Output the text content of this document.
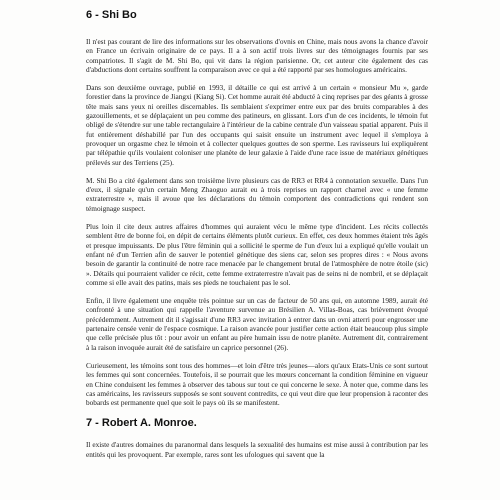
6 - Shi Bo

Il n'est pas courant de lire des informations sur les observations d'ovnis en Chine, mais nous avons la chance d'avoir en France un écrivain originaire de ce pays. Il a à son actif trois livres sur des témoignages fournis par ses compatriotes. Il s'agit de M. Shi Bo, qui vit dans la région parisienne. Or, cet auteur cite également des cas d'abductions dont certains souffrent la comparaison avec ce qui a été rapporté par ses homologues américains.

Dans son deuxième ouvrage, publié en 1993, il détaille ce qui est arrivé à un certain « monsieur Mu », garde forestier dans la province de Jiangxi (Kiang Si). Cet homme aurait été abducté à cinq reprises par des géants à grosse tête mais sans yeux ni oreilles discernables. Ils semblaient s'exprimer entre eux par des bruits comparables à des gazouillements, et se déplaçaient un peu comme des patineurs, en glissant. Lors d'un de ces incidents, le témoin fut obligé de s'étendre sur une table rectangulaire à l'intérieur de la cabine centrale d'un vaisseau spatial apparent. Puis il fut entièrement déshabillé par l'un des occupants qui saisit ensuite un instrument avec lequel il s'employa à provoquer un orgasme chez le témoin et à collecter quelques gouttes de son sperme. Les ravisseurs lui expliquèrent par télépathie qu'ils voulaient coloniser une planète de leur galaxie à l'aide d'une race issue de matériaux génétiques prélevés sur des Terriens (25).

M. Shi Bo a cité également dans son troisième livre plusieurs cas de RR3 et RR4 à connotation sexuelle. Dans l'un d'eux, il signale qu'un certain Meng Zhaoguo aurait eu à trois reprises un rapport charnel avec « une femme extraterrestre », mais il avoue que les déclarations du témoin comportent des contradictions qui rendent son témoignage suspect.

Plus loin il cite deux autres affaires d'hommes qui auraient vécu le même type d'incident. Les récits collectés semblent être de bonne foi, en dépit de certains éléments plutôt curieux. En effet, ces deux hommes étaient très âgés et presque impuissants. De plus l'être féminin qui a sollicité le sperme de l'un d'eux lui a expliqué qu'elle voulait un enfant né d'un Terrien afin de sauver le potentiel génétique des siens car, selon ses propres dires : « Nous avons besoin de garantir la continuité de notre race menacée par le changement brutal de l'atmosphère de notre étoile (sic) ». Détails qui pourraient valider ce récit, cette femme extraterrestre n'avait pas de seins ni de nombril, et se déplaçait comme si elle avait des patins, mais ses pieds ne touchaient pas le sol.

Enfin, il livre également une enquête très pointue sur un cas de facteur de 50 ans qui, en automne 1989, aurait été confronté à une situation qui rappelle l'aventure survenue au Brésilien A. Villas-Boas, cas brièvement évoqué précédemment. Autrement dit il s'agissait d'une RR3 avec invitation à entrer dans un ovni atterri pour engrosser une partenaire censée venir de l'espace cosmique. La raison avancée pour justifier cette action était beaucoup plus simple que celle précisée plus tôt : pour avoir un enfant au père humain issu de notre planète. Autrement dit, contrairement à la raison invoquée aurait été de satisfaire un caprice personnel (26).

Curieusement, les témoins sont tous des hommes—et loin d'être très jeunes—alors qu'aux Etats-Unis ce sont surtout les femmes qui sont concernées. Toutefois, il se pourrait que les mœurs concernant la condition féminine en vigueur en Chine conduisent les femmes à observer des tabous sur tout ce qui concerne le sexe. À noter que, comme dans les cas américains, les ravisseurs supposés se sont souvent contredits, ce qui veut dire que leur propension à raconter des bobards est permanente quel que soit le pays où ils se manifestent.

7 - Robert A. Monroe.

Il existe d'autres domaines du paranormal dans lesquels la sexualité des humains est mise aussi à contribution par les entités qui les provoquent. Par exemple, rares sont les ufologues qui savent que la
